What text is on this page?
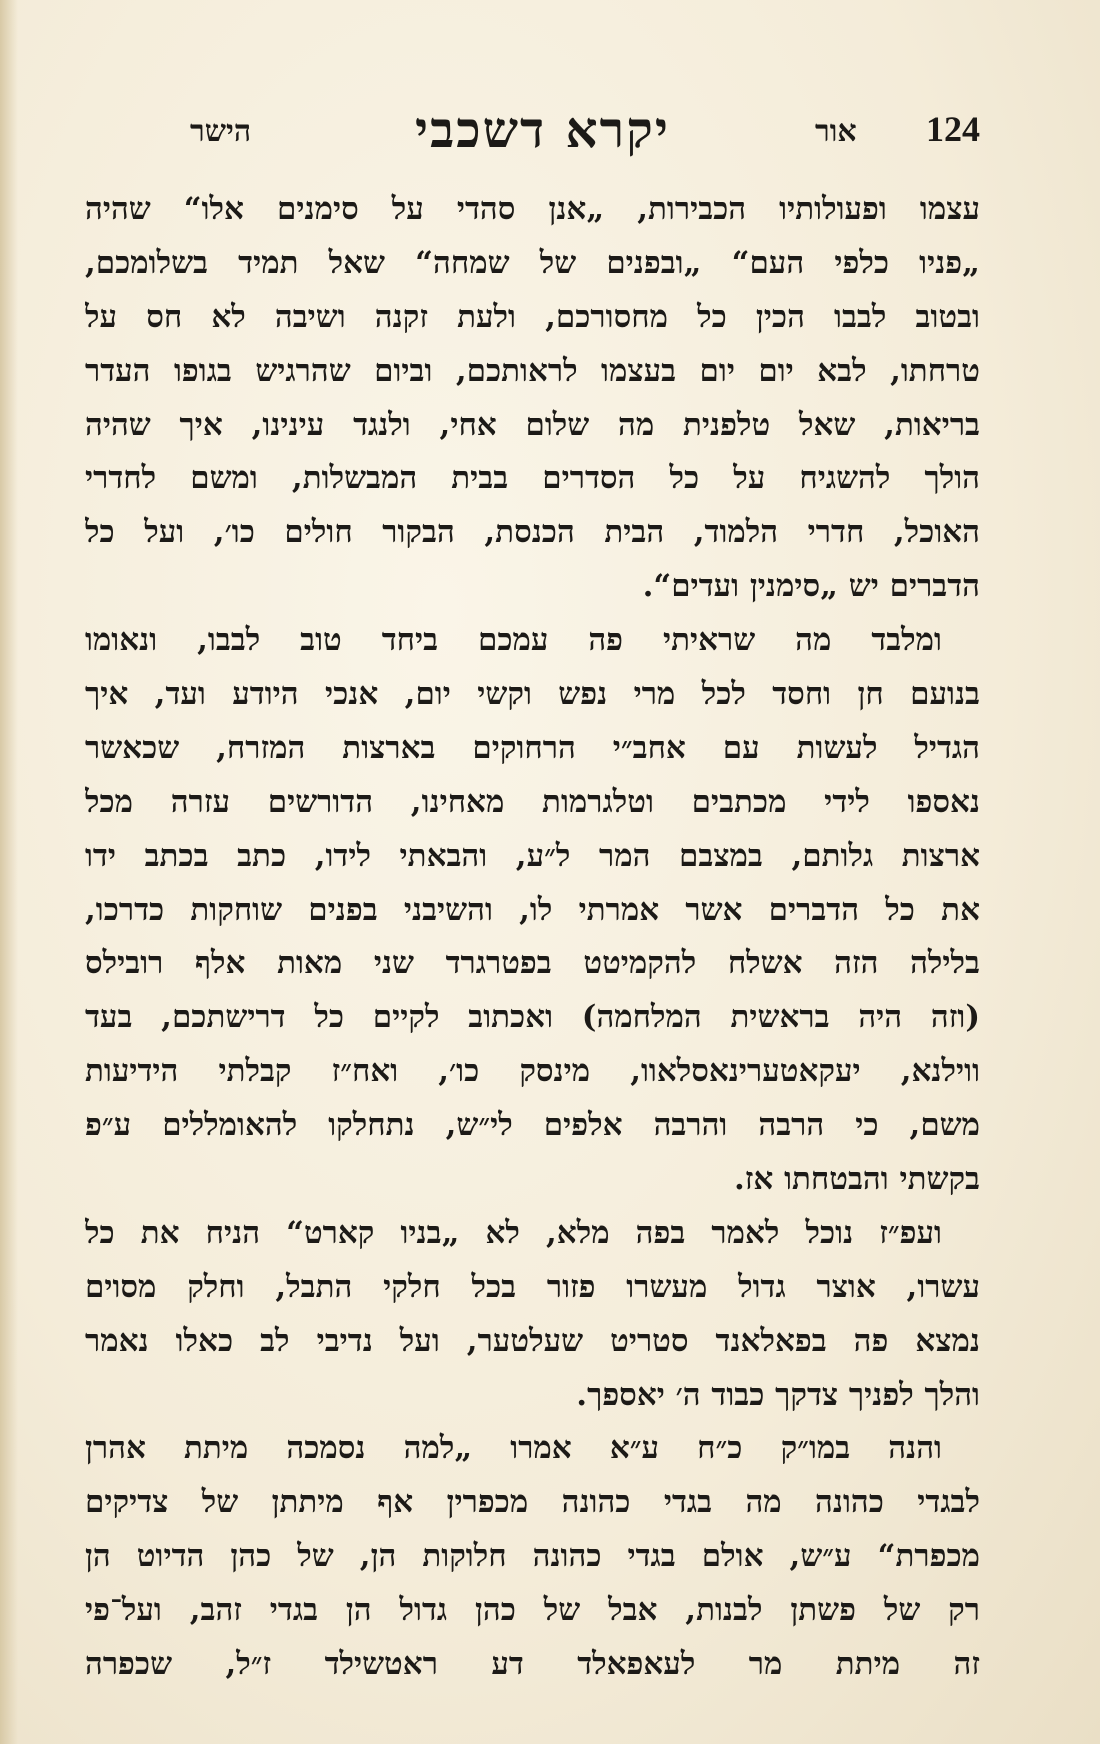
הישר	יקרא דשכבי	אור 124
עצמו ופעולותיו הכבירות, „אנן סהדי על סימנים אלו“ שהיה
„פניו כלפי העם“ „ובפנים של שמחה“ שאל תמיד בשלומכם,
ובטוב לבבו הכין כל מחסורכם, ולעת זקנה ושיבה לא חס על
טרחתו, לבא יום יום בעצמו לראותכם, וביום שהרגיש בגופו העדר
בריאות, שאל טלפנית מה שלום אחי, ולנגד עינינו, איך שהיה
הולך להשגיח על כל הסדרים בבית המבשלות, ומשם לחדרי
האוכל, חדרי הלמוד, הבית הכנסת, הבקור חולים כו׳, ועל כל
הדברים יש „סימנין ועדים“.
ומלבד מה שראיתי פה עמכם ביחד טוב לבבו, ונאומו
בנועם חן וחסד לכל מרי נפש וקשי יום, אנכי היודע ועד, איך
הגדיל לעשות עם אחב״י הרחוקים בארצות המזרח, שכאשר
נאספו לידי מכתבים וטלגרמות מאחינו, הדורשים עזרה מכל
ארצות גלותם, במצבם המר ל״ע, והבאתי לידו, כתב בכתב ידו
את כל הדברים אשר אמרתי לו, והשיבני בפנים שוחקות כדרכו,
בלילה הזה אשלח להקמיטט בפטרגרד שני מאות אלף רובילס
(וזה היה בראשית המלחמה) ואכתוב לקיים כל דרישתכם, בעד
ווילנא, יעקאטערינאסלאוו, מינסק כו׳, ואח״ז קבלתי הידיעות
משם, כי הרבה והרבה אלפים לי״ש, נתחלקו להאומללים ע״פ
בקשתי והבטחתו אז.
ועפ״ז נוכל לאמר בפה מלא, לא „בניו קארט“ הניח את כל
עשרו, אוצר גדול מעשרו פזור בכל חלקי התבל, וחלק מסוים
נמצא פה בפאלאנד סטריט שעלטער, ועל נדיבי לב כאלו נאמר
והלך לפניך צדקך כבוד ה׳ יאספך.
והנה במו״ק כ״ח ע״א אמרו „למה נסמכה מיתת אהרן
לבגדי כהונה מה בגדי כהונה מכפרין אף מיתתן של צדיקים
מכפרת“ ע״ש, אולם בגדי כהונה חלוקות הן, של כהן הדיוט הן
רק של פשתן לבנות, אבל של כהן גדול הן בגדי זהב, ועל־פי
זה מיתת מר לעאפאלד דע ראטשילד ז״ל, שכפרה
